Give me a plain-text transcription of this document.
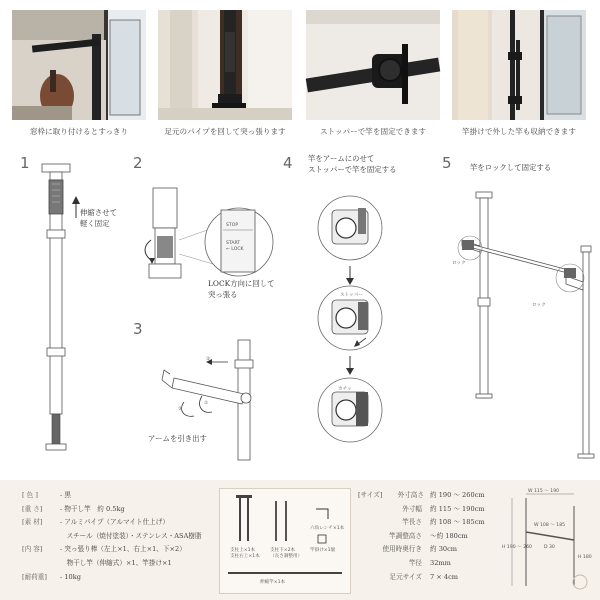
窓枠に取り付けるとすっきり	足元のパイプを回して突っ張ります	ストッパーで竿を固定できます	竿掛けで外した竿も収納できます
1
伸縮させて
軽く固定
2
STOP
START
← LOCK
LOCK方向に回して
突っ張る
3
②
①
③
アームを引き出す
4 竿をアームにのせて
ストッパーで竿を固定する
ストッパー
カチッ
5 竿をロックして固定する
ロック
ロック
[ 色 ]	- 黒
[重 さ]	- 物干し竿　約 0.5kg
[素 材]	- アルミパイプ（アルマイト仕上げ）
　スチール（焼付塗装）・ステンレス・ASA樹脂
[内 容]	- 突っ張り棒（左上×1、右上×1、下×2）
　物干し竿（伸縮式）×1、竿掛け×1
[耐荷重]	- 10kg
支柱上×1本
支柱右上×1本
支柱下×2本
（長さ調整用）
六角レンチ×1本
竿掛け×1個
伸縮竿×1本
[サイズ]	外寸高さ 約 190 ～ 260cm
外寸幅	約 115 ～ 190cm
竿長さ	約 108 ～ 185cm
竿調整高さ	～約 180cm
使用時奥行き	約 30cm
竿径	32mm
足元サイズ	7 × 4cm
W 115 ～ 190
H 190 ～ 260
W 108 ～ 185
D 30
H 180
